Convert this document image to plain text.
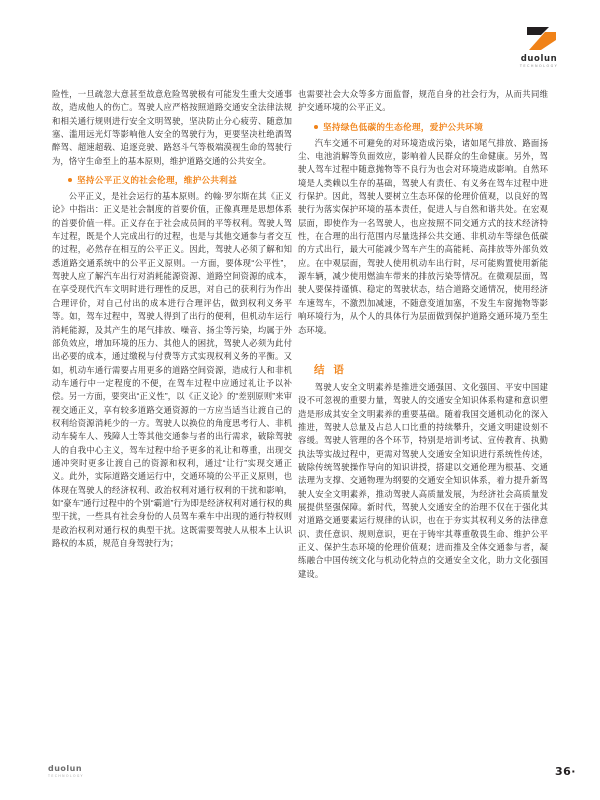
duolun
TECHNOLOGY

险性，一旦疏忽大意甚至故意危险驾驶极有可能发生重大交通事故，造成他人的伤亡。驾驶人应严格按照道路交通安全法律法规和相关通行规则进行安全文明驾驶，坚决防止分心疲劳、随意加塞、滥用远光灯等影响他人安全的驾驶行为，更要坚决杜绝酒驾醉驾、超速超载、追逐竞驶、路怒斗气等极端漠视生命的驾驶行为，恪守生命至上的基本原则，维护道路交通的公共安全。

坚持公平正义的社会伦理，维护公共利益

公平正义，是社会运行的基本原则。约翰·罗尔斯在其《正义论》中指出：正义是社会制度的首要价值，正像真理是思想体系的首要价值一样。正义存在于社会成员间的平等权利。驾驶人驾车过程，既是个人完成出行的过程，也是与其他交通参与者交互的过程，必然存在相互的公平正义。因此，驾驶人必须了解和知悉道路交通系统中的公平正义原则。一方面，要体现“公平性”，驾驶人应了解汽车出行对消耗能源资源、道路空间资源的成本，在享受现代汽车文明时进行理性的反思，对自己的获利行为作出合理评价，对自己付出的成本进行合理评估，做到权利义务平等。如，驾车过程中，驾驶人得到了出行的便利，但机动车运行消耗能源，及其产生的尾气排放、噪音、扬尘等污染，均属于外部负效应，增加环境的压力、其他人的困扰，驾驶人必须为此付出必要的成本，通过缴税与付费等方式实现权利义务的平衡。又如，机动车通行需要占用更多的道路空间资源，造成行人和非机动车通行中一定程度的不便，在驾车过程中应通过礼让予以补偿。另一方面，要突出“正义性”，以《正义论》的“差别原则”来审视交通正义，享有较多道路交通资源的一方应当适当让渡自己的权利给资源消耗少的一方。驾驶人以换位的角度思考行人、非机动车骑车人、残障人士等其他交通参与者的出行需求，破除驾驶人的自我中心主义，驾车过程中给予更多的礼让和尊重，出现交通冲突时更多让渡自己的资源和权利，通过“让行”实现交通正义。此外，实际道路交通运行中，交通环境的公平正义原则，也体现在驾驶人的经济权利、政治权利对通行权利的干扰和影响，如“豪车”通行过程中的个别“霸道”行为即是经济权利对通行权的典型干扰，一些具有社会身份的人员驾车乘车中出现的通行特权则是政治权利对通行权的典型干扰。这既需要驾驶人从根本上认识路权的本质，规范自身驾驶行为；

也需要社会大众等多方面监督，规范自身的社会行为，从而共同维护交通环境的公平正义。

坚持绿色低碳的生态伦理，爱护公共环境

汽车交通不可避免的对环境造成污染，诸如尾气排放、路面扬尘、电池消解等负面效应，影响着人民群众的生命健康。另外，驾驶人驾车过程中随意抛物等不良行为也会对环境造成影响。自然环境是人类赖以生存的基础，驾驶人有责任、有义务在驾车过程中进行保护。因此，驾驶人要树立生态环保的伦理价值观，以良好的驾驶行为落实保护环境的基本责任，促进人与自然和谐共处。在宏观层面，即使作为一名驾驶人，也应按照不同交通方式的技术经济特性，在合理的出行范围内尽量选择公共交通、非机动车等绿色低碳的方式出行，最大可能减少驾车产生的高能耗、高排放等外部负效应。在中观层面，驾驶人使用机动车出行时，尽可能购置使用新能源车辆，减少使用燃油车带来的排放污染等情况。在微观层面，驾驶人要保持谨慎、稳定的驾驶状态，结合道路交通情况，使用经济车速驾车，不激烈加减速，不随意变道加塞，不发生车窗抛物等影响环境行为，从个人的具体行为层面做到保护道路交通环境乃至生态环境。

结 语

驾驶人安全文明素养是推进交通强国、文化强国、平安中国建设不可忽视的重要力量，驾驶人的交通安全知识体系构建和意识塑造是形成其安全文明素养的重要基础。随着我国交通机动化的深入推进，驾驶人总量及占总人口比重的持续攀升，交通文明建设刻不容缓。驾驶人管理的各个环节，特别是培训考试、宣传教育、执勤执法等实战过程中，更需对驾驶人交通安全知识进行系统性传述，破除传统驾驶操作导向的知识讲授，搭建以交通伦理为根基、交通法理为支撑、交通物理为纲要的交通安全知识体系，着力提升新驾驶人安全文明素养，推动驾驶人高质量发展，为经济社会高质量发展提供坚强保障。新时代，驾驶人交通安全的治理不仅在于强化其对道路交通要素运行规律的认识，也在于夯实其权利义务的法律意识、责任意识、规则意识，更在于铸牢其尊重敬畏生命、维护公平正义、保护生态环境的伦理价值观；进而推及全体交通参与者，凝练融合中国传统文化与机动化特点的交通安全文化，助力文化强国建设。

duolun
TECHNOLOGY	36·
